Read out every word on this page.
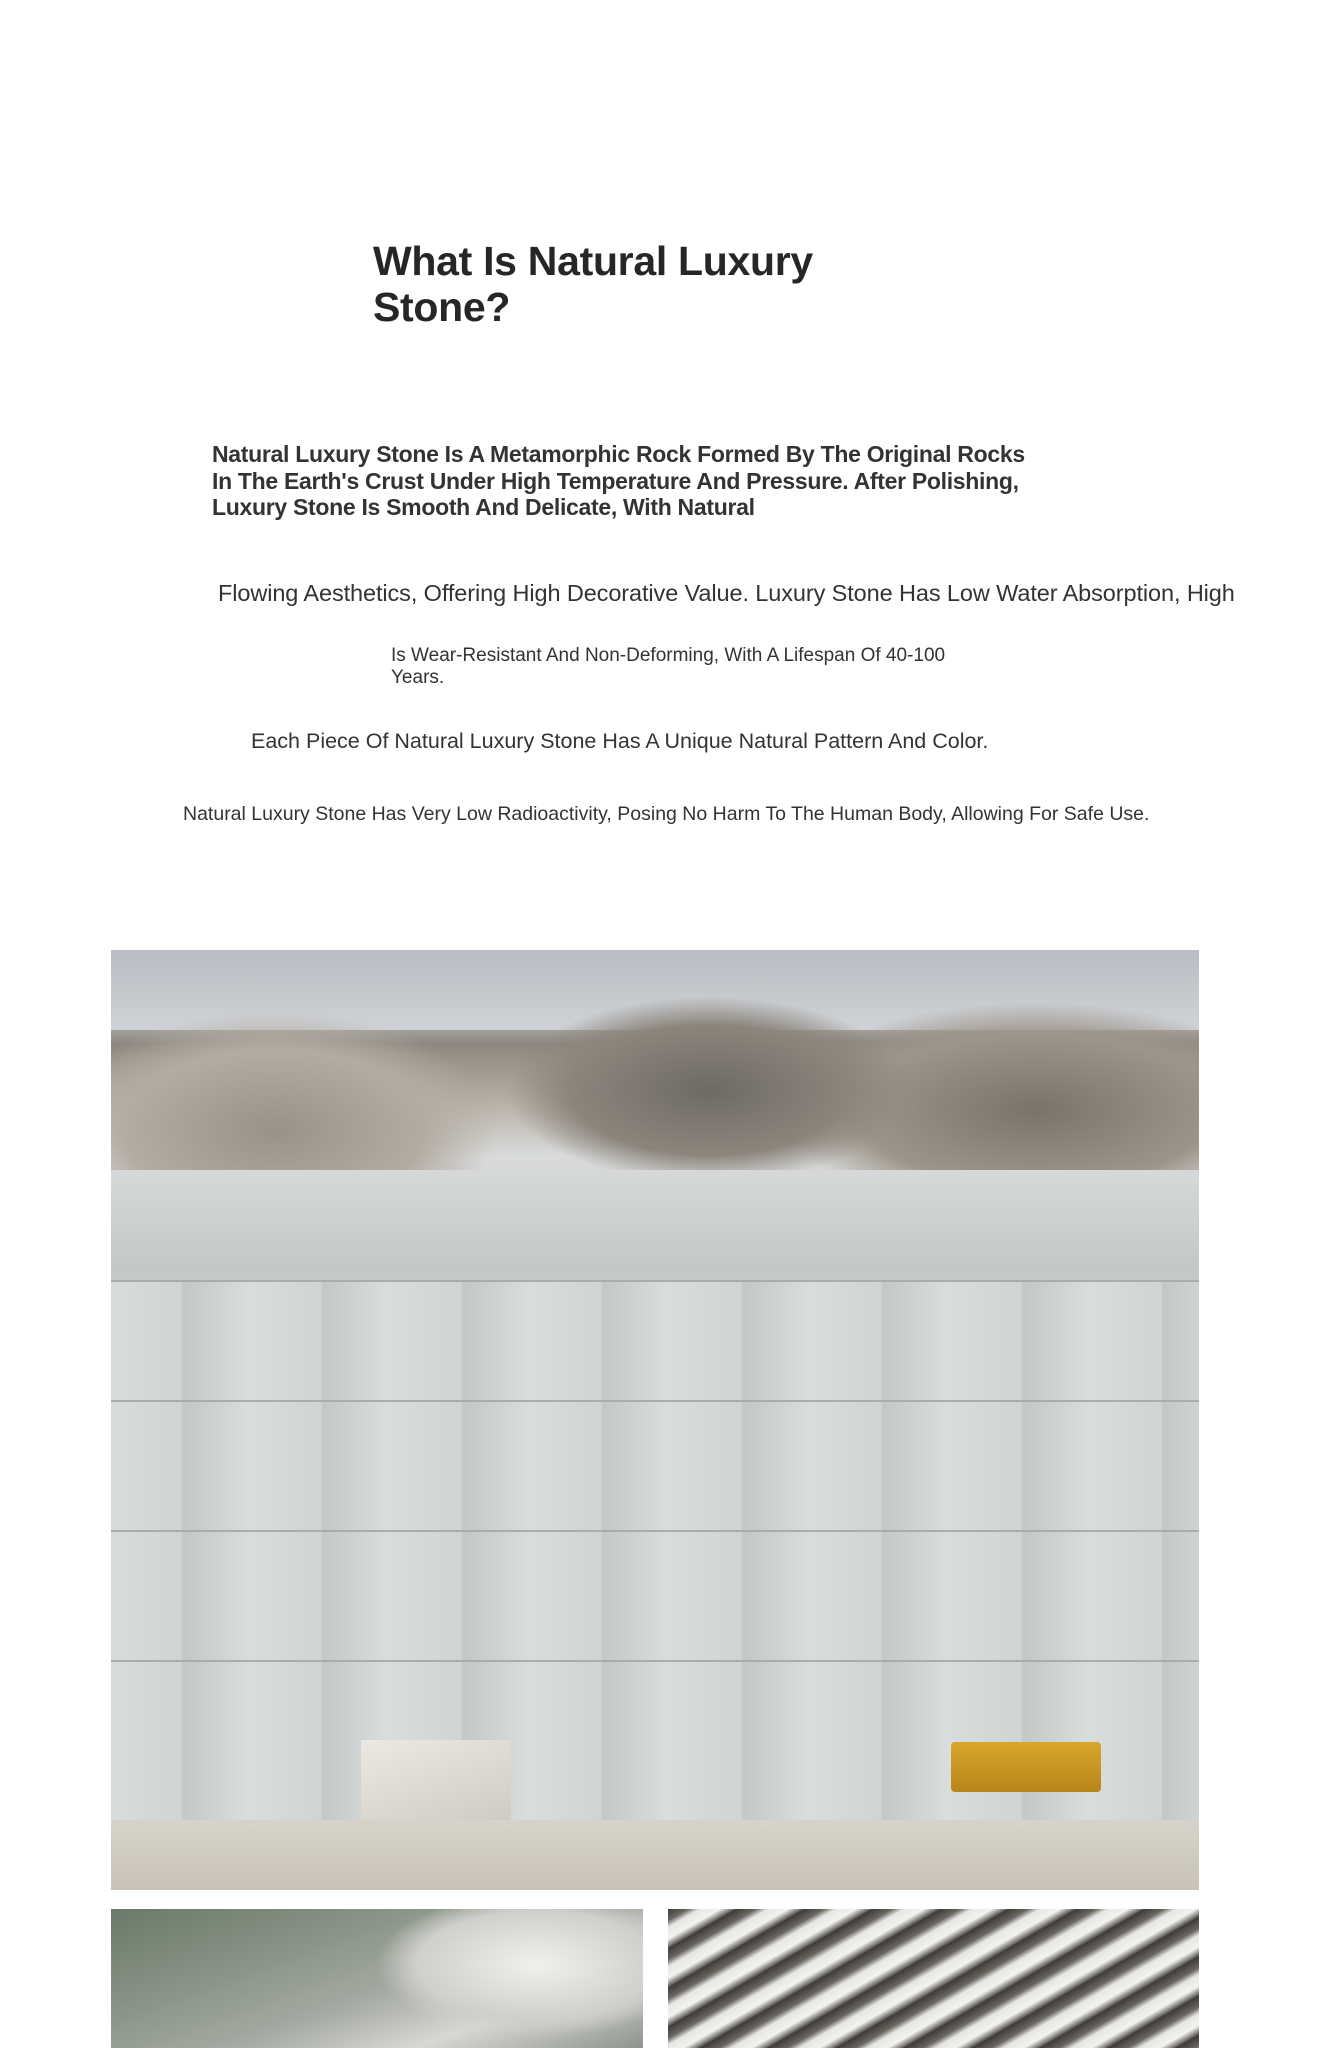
What Is Natural Luxury Stone?

Natural Luxury Stone Is A Metamorphic Rock Formed By The Original Rocks In The Earth's Crust Under High Temperature And Pressure. After Polishing, Luxury Stone Is Smooth And Delicate, With Natural

Flowing Aesthetics, Offering High Decorative Value. Luxury Stone Has Low Water Absorption, High

Is Wear-Resistant And Non-Deforming, With A Lifespan Of 40-100 Years.

Each Piece Of Natural Luxury Stone Has A Unique Natural Pattern And Color.

Natural Luxury Stone Has Very Low Radioactivity, Posing No Harm To The Human Body, Allowing For Safe Use.
